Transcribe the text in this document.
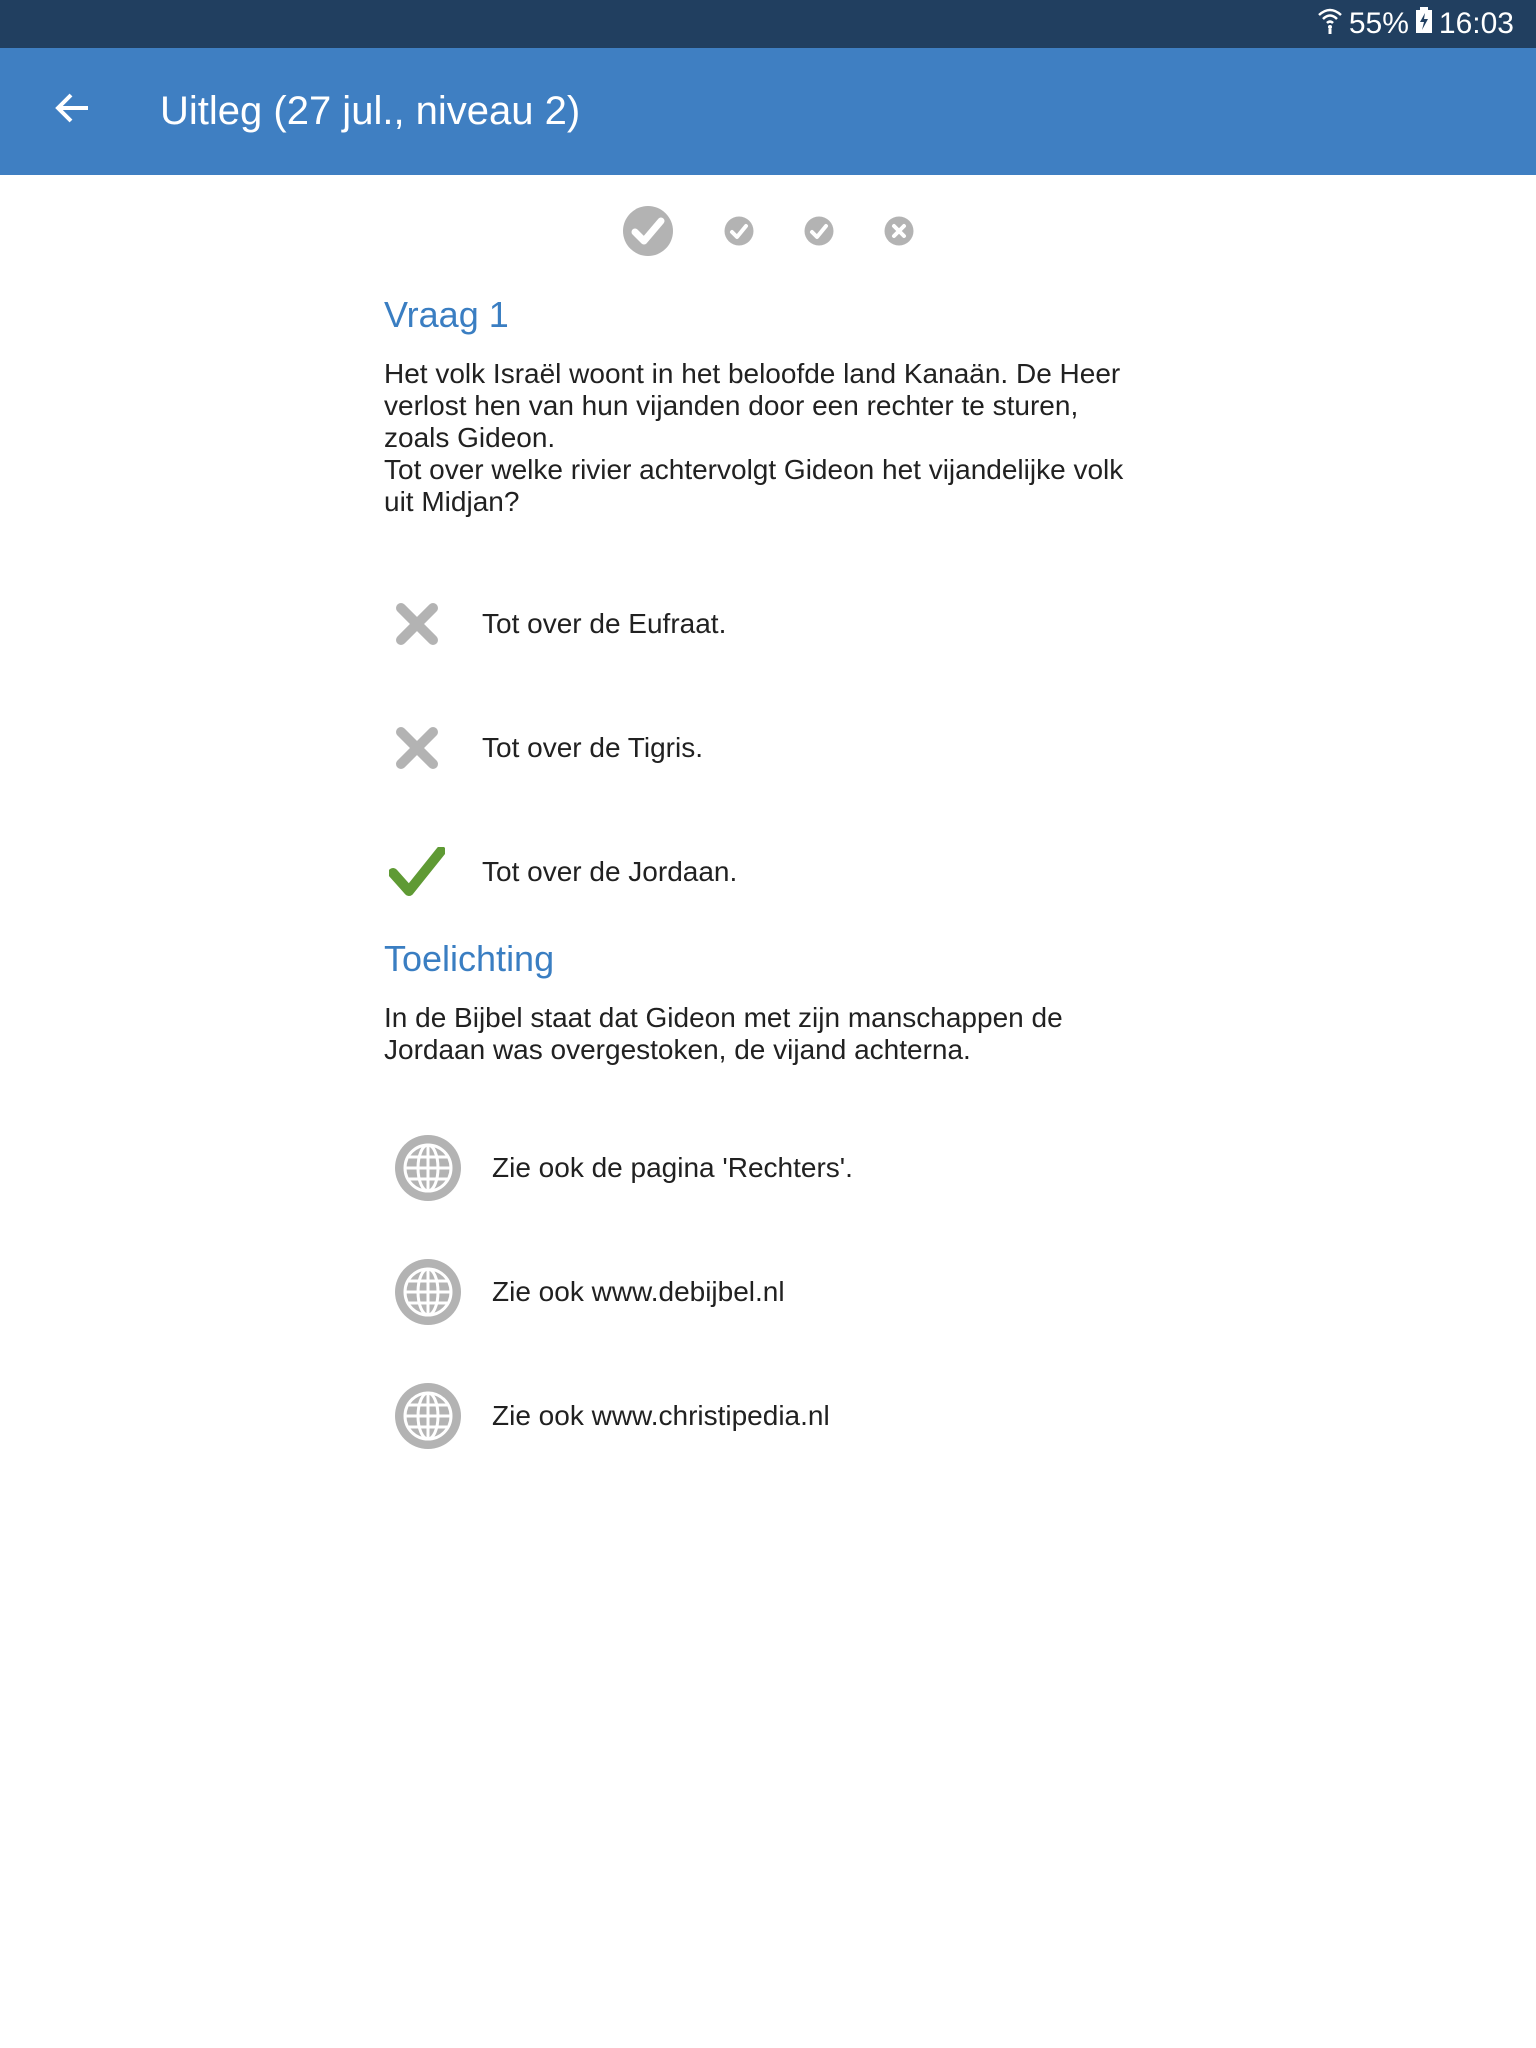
55% 16:03
Uitleg (27 jul., niveau 2)
Vraag 1
Het volk Israël woont in het beloofde land Kanaän. De Heer verlost hen van hun vijanden door een rechter te sturen, zoals Gideon.
Tot over welke rivier achtervolgt Gideon het vijandelijke volk uit Midjan?
Tot over de Eufraat.
Tot over de Tigris.
Tot over de Jordaan.
Toelichting
In de Bijbel staat dat Gideon met zijn manschappen de Jordaan was overgestoken, de vijand achterna.
Zie ook de pagina 'Rechters'.
Zie ook www.debijbel.nl
Zie ook www.christipedia.nl
